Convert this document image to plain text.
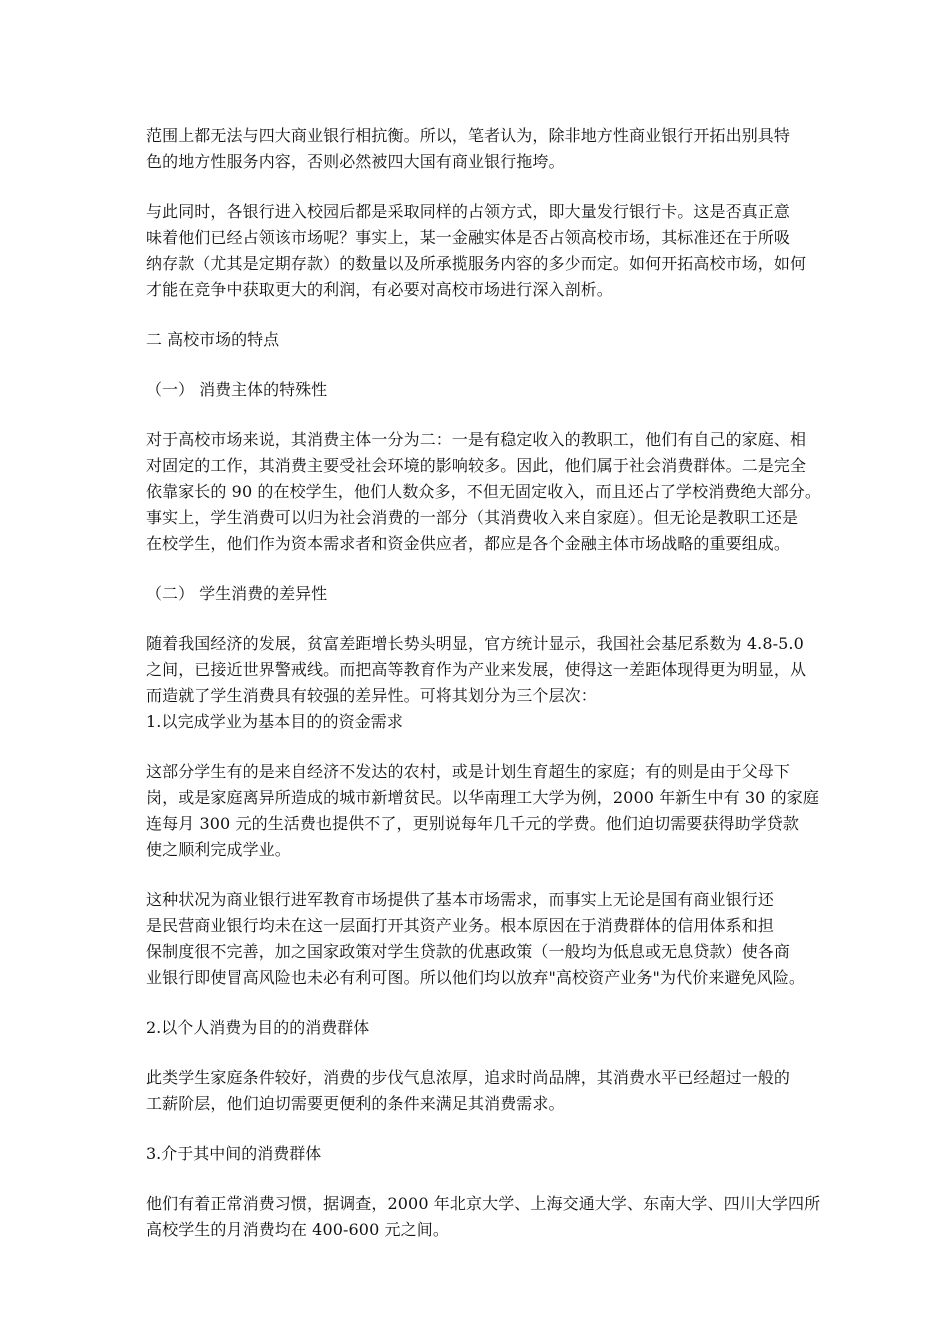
范围上都无法与四大商业银行相抗衡。所以，笔者认为，除非地方性商业银行开拓出别具特
色的地方性服务内容，否则必然被四大国有商业银行拖垮。
与此同时，各银行进入校园后都是采取同样的占领方式，即大量发行银行卡。这是否真正意
味着他们已经占领该市场呢？事实上，某一金融实体是否占领高校市场，其标准还在于所吸
纳存款（尤其是定期存款）的数量以及所承揽服务内容的多少而定。如何开拓高校市场，如何
才能在竞争中获取更大的利润，有必要对高校市场进行深入剖析。
二 高校市场的特点
（一） 消费主体的特殊性
对于高校市场来说，其消费主体一分为二：一是有稳定收入的教职工，他们有自己的家庭、相
对固定的工作，其消费主要受社会环境的影响较多。因此，他们属于社会消费群体。二是完全
依靠家长的 90 的在校学生，他们人数众多，不但无固定收入，而且还占了学校消费绝大部分。
事实上，学生消费可以归为社会消费的一部分（其消费收入来自家庭）。但无论是教职工还是
在校学生，他们作为资本需求者和资金供应者，都应是各个金融主体市场战略的重要组成。
（二） 学生消费的差异性
随着我国经济的发展，贫富差距增长势头明显，官方统计显示，我国社会基尼系数为 4.8-5.0
之间，已接近世界警戒线。而把高等教育作为产业来发展，使得这一差距体现得更为明显，从
而造就了学生消费具有较强的差异性。可将其划分为三个层次：
1.以完成学业为基本目的的资金需求
这部分学生有的是来自经济不发达的农村，或是计划生育超生的家庭；有的则是由于父母下
岗，或是家庭离异所造成的城市新增贫民。以华南理工大学为例，2000 年新生中有 30 的家庭
连每月 300 元的生活费也提供不了，更别说每年几千元的学费。他们迫切需要获得助学贷款
使之顺利完成学业。
这种状况为商业银行进军教育市场提供了基本市场需求，而事实上无论是国有商业银行还
是民营商业银行均未在这一层面打开其资产业务。根本原因在于消费群体的信用体系和担
保制度很不完善，加之国家政策对学生贷款的优惠政策（一般均为低息或无息贷款）使各商
业银行即使冒高风险也未必有利可图。所以他们均以放弃"高校资产业务"为代价来避免风险。
2.以个人消费为目的的消费群体
此类学生家庭条件较好，消费的步伐气息浓厚，追求时尚品牌，其消费水平已经超过一般的
工薪阶层，他们迫切需要更便利的条件来满足其消费需求。
3.介于其中间的消费群体
他们有着正常消费习惯，据调查，2000 年北京大学、上海交通大学、东南大学、四川大学四所
高校学生的月消费均在 400-600 元之间。
